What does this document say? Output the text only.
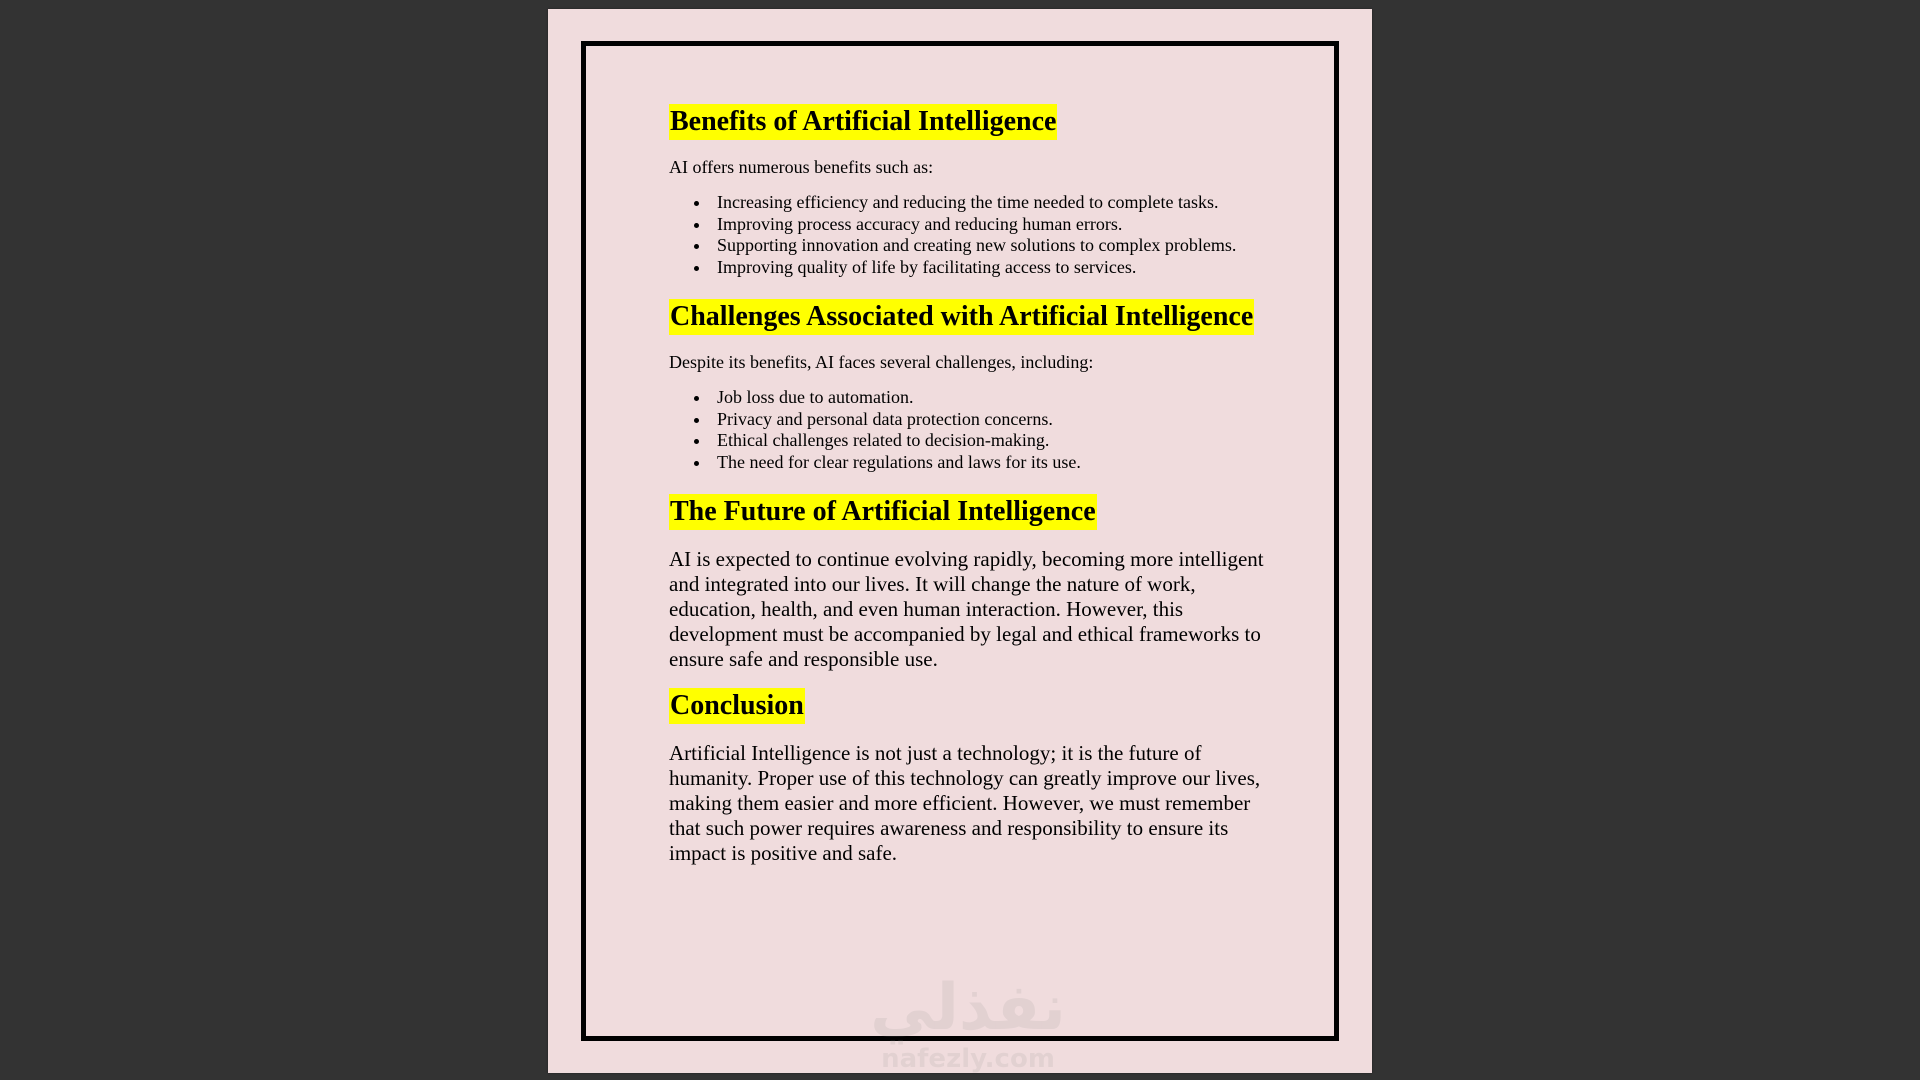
Benefits of Artificial Intelligence

AI offers numerous benefits such as:

Increasing efficiency and reducing the time needed to complete tasks.
Improving process accuracy and reducing human errors.
Supporting innovation and creating new solutions to complex problems.
Improving quality of life by facilitating access to services.
Challenges Associated with Artificial Intelligence

Despite its benefits, AI faces several challenges, including:

Job loss due to automation.
Privacy and personal data protection concerns.
Ethical challenges related to decision-making.
The need for clear regulations and laws for its use.
The Future of Artificial Intelligence

AI is expected to continue evolving rapidly, becoming more intelligent and integrated into our lives. It will change the nature of work, education, health, and even human interaction. However, this development must be accompanied by legal and ethical frameworks to ensure safe and responsible use.

Conclusion

Artificial Intelligence is not just a technology; it is the future of humanity. Proper use of this technology can greatly improve our lives, making them easier and more efficient. However, we must remember that such power requires awareness and responsibility to ensure its impact is positive and safe.

نفذلي
nafezly.com
